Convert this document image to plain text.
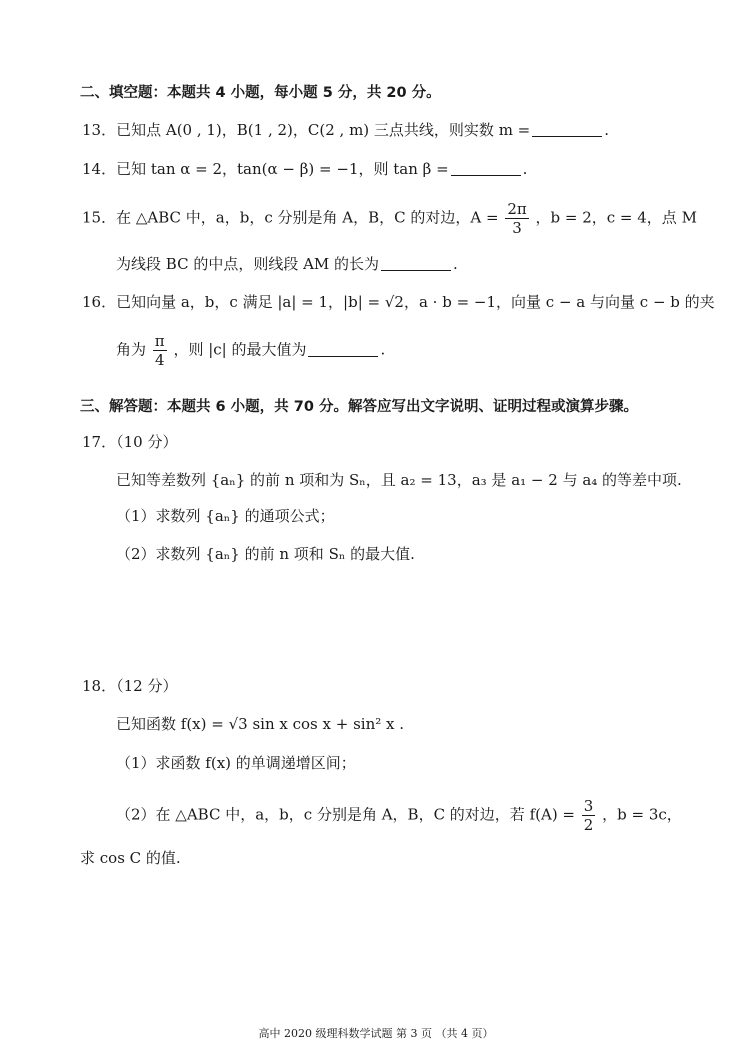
二、填空题：本题共 4 小题，每小题 5 分，共 20 分。
13．已知点 A(0 , 1)，B(1 , 2)，C(2 , m) 三点共线，则实数 m =	.
14．已知 tan α = 2，tan(α − β) = −1，则 tan β =	.
15．在 △ABC 中，a，b，c 分别是角 A，B，C 的对边，$A = \frac{2\pi}{3}$ ，b = 2，c = 4，点 M
为线段 BC 的中点，则线段 AM 的长为	.
16．已知向量 a，b，c 满足 |a| = 1，|b| = √2，a · b = −1，向量 c − a 与向量 c − b 的夹
角为 $\frac{\pi}{4}$ ，则 |c| 的最大值为	.
三、解答题：本题共 6 小题，共 70 分。解答应写出文字说明、证明过程或演算步骤。
17．（10 分）
已知等差数列 {aₙ} 的前 n 项和为 Sₙ，且 a₂ = 13，a₃ 是 a₁ − 2 与 a₄ 的等差中项.
（1）求数列 {aₙ} 的通项公式；
（2）求数列 {aₙ} 的前 n 项和 Sₙ 的最大值.
18．（12 分）
已知函数 f(x) = √3 sin x cos x + sin² x .
（1）求函数 f(x) 的单调递增区间；
（2）在 △ABC 中，a，b，c 分别是角 A，B，C 的对边，若 $f(A) = \frac{3}{2}$ ，b = 3c，
求 cos C 的值.
高中 2020 级理科数学试题 第 3 页 （共 4 页）
